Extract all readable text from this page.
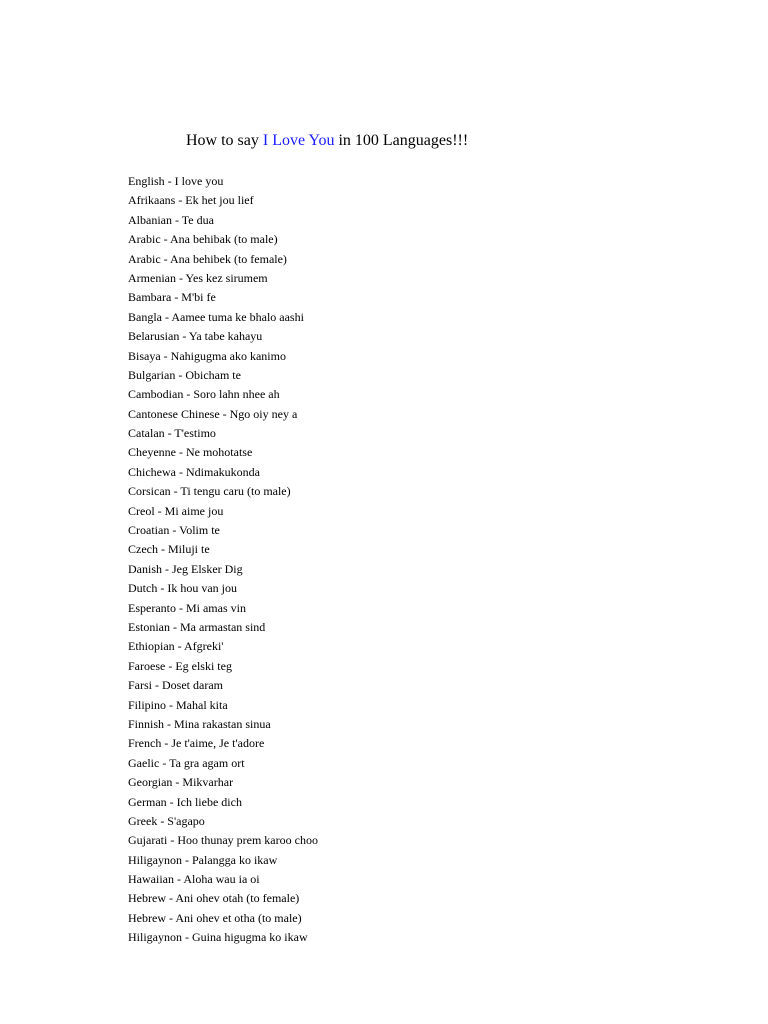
How to say I Love You in 100 Languages!!!
English - I love you
Afrikaans - Ek het jou lief
Albanian - Te dua
Arabic - Ana behibak (to male)
Arabic - Ana behibek (to female)
Armenian - Yes kez sirumem
Bambara - M'bi fe
Bangla - Aamee tuma ke bhalo aashi
Belarusian - Ya tabe kahayu
Bisaya - Nahigugma ako kanimo
Bulgarian - Obicham te
Cambodian - Soro lahn nhee ah
Cantonese Chinese - Ngo oiy ney a
Catalan - T'estimo
Cheyenne - Ne mohotatse
Chichewa - Ndimakukonda
Corsican - Ti tengu caru (to male)
Creol - Mi aime jou
Croatian - Volim te
Czech - Miluji te
Danish - Jeg Elsker Dig
Dutch - Ik hou van jou
Esperanto - Mi amas vin
Estonian - Ma armastan sind
Ethiopian - Afgreki'
Faroese - Eg elski teg
Farsi - Doset daram
Filipino - Mahal kita
Finnish - Mina rakastan sinua
French - Je t'aime, Je t'adore
Gaelic - Ta gra agam ort
Georgian - Mikvarhar
German - Ich liebe dich
Greek - S'agapo
Gujarati - Hoo thunay prem karoo choo
Hiligaynon - Palangga ko ikaw
Hawaiian - Aloha wau ia oi
Hebrew - Ani ohev otah (to female)
Hebrew - Ani ohev et otha (to male)
Hiligaynon - Guina higugma ko ikaw
